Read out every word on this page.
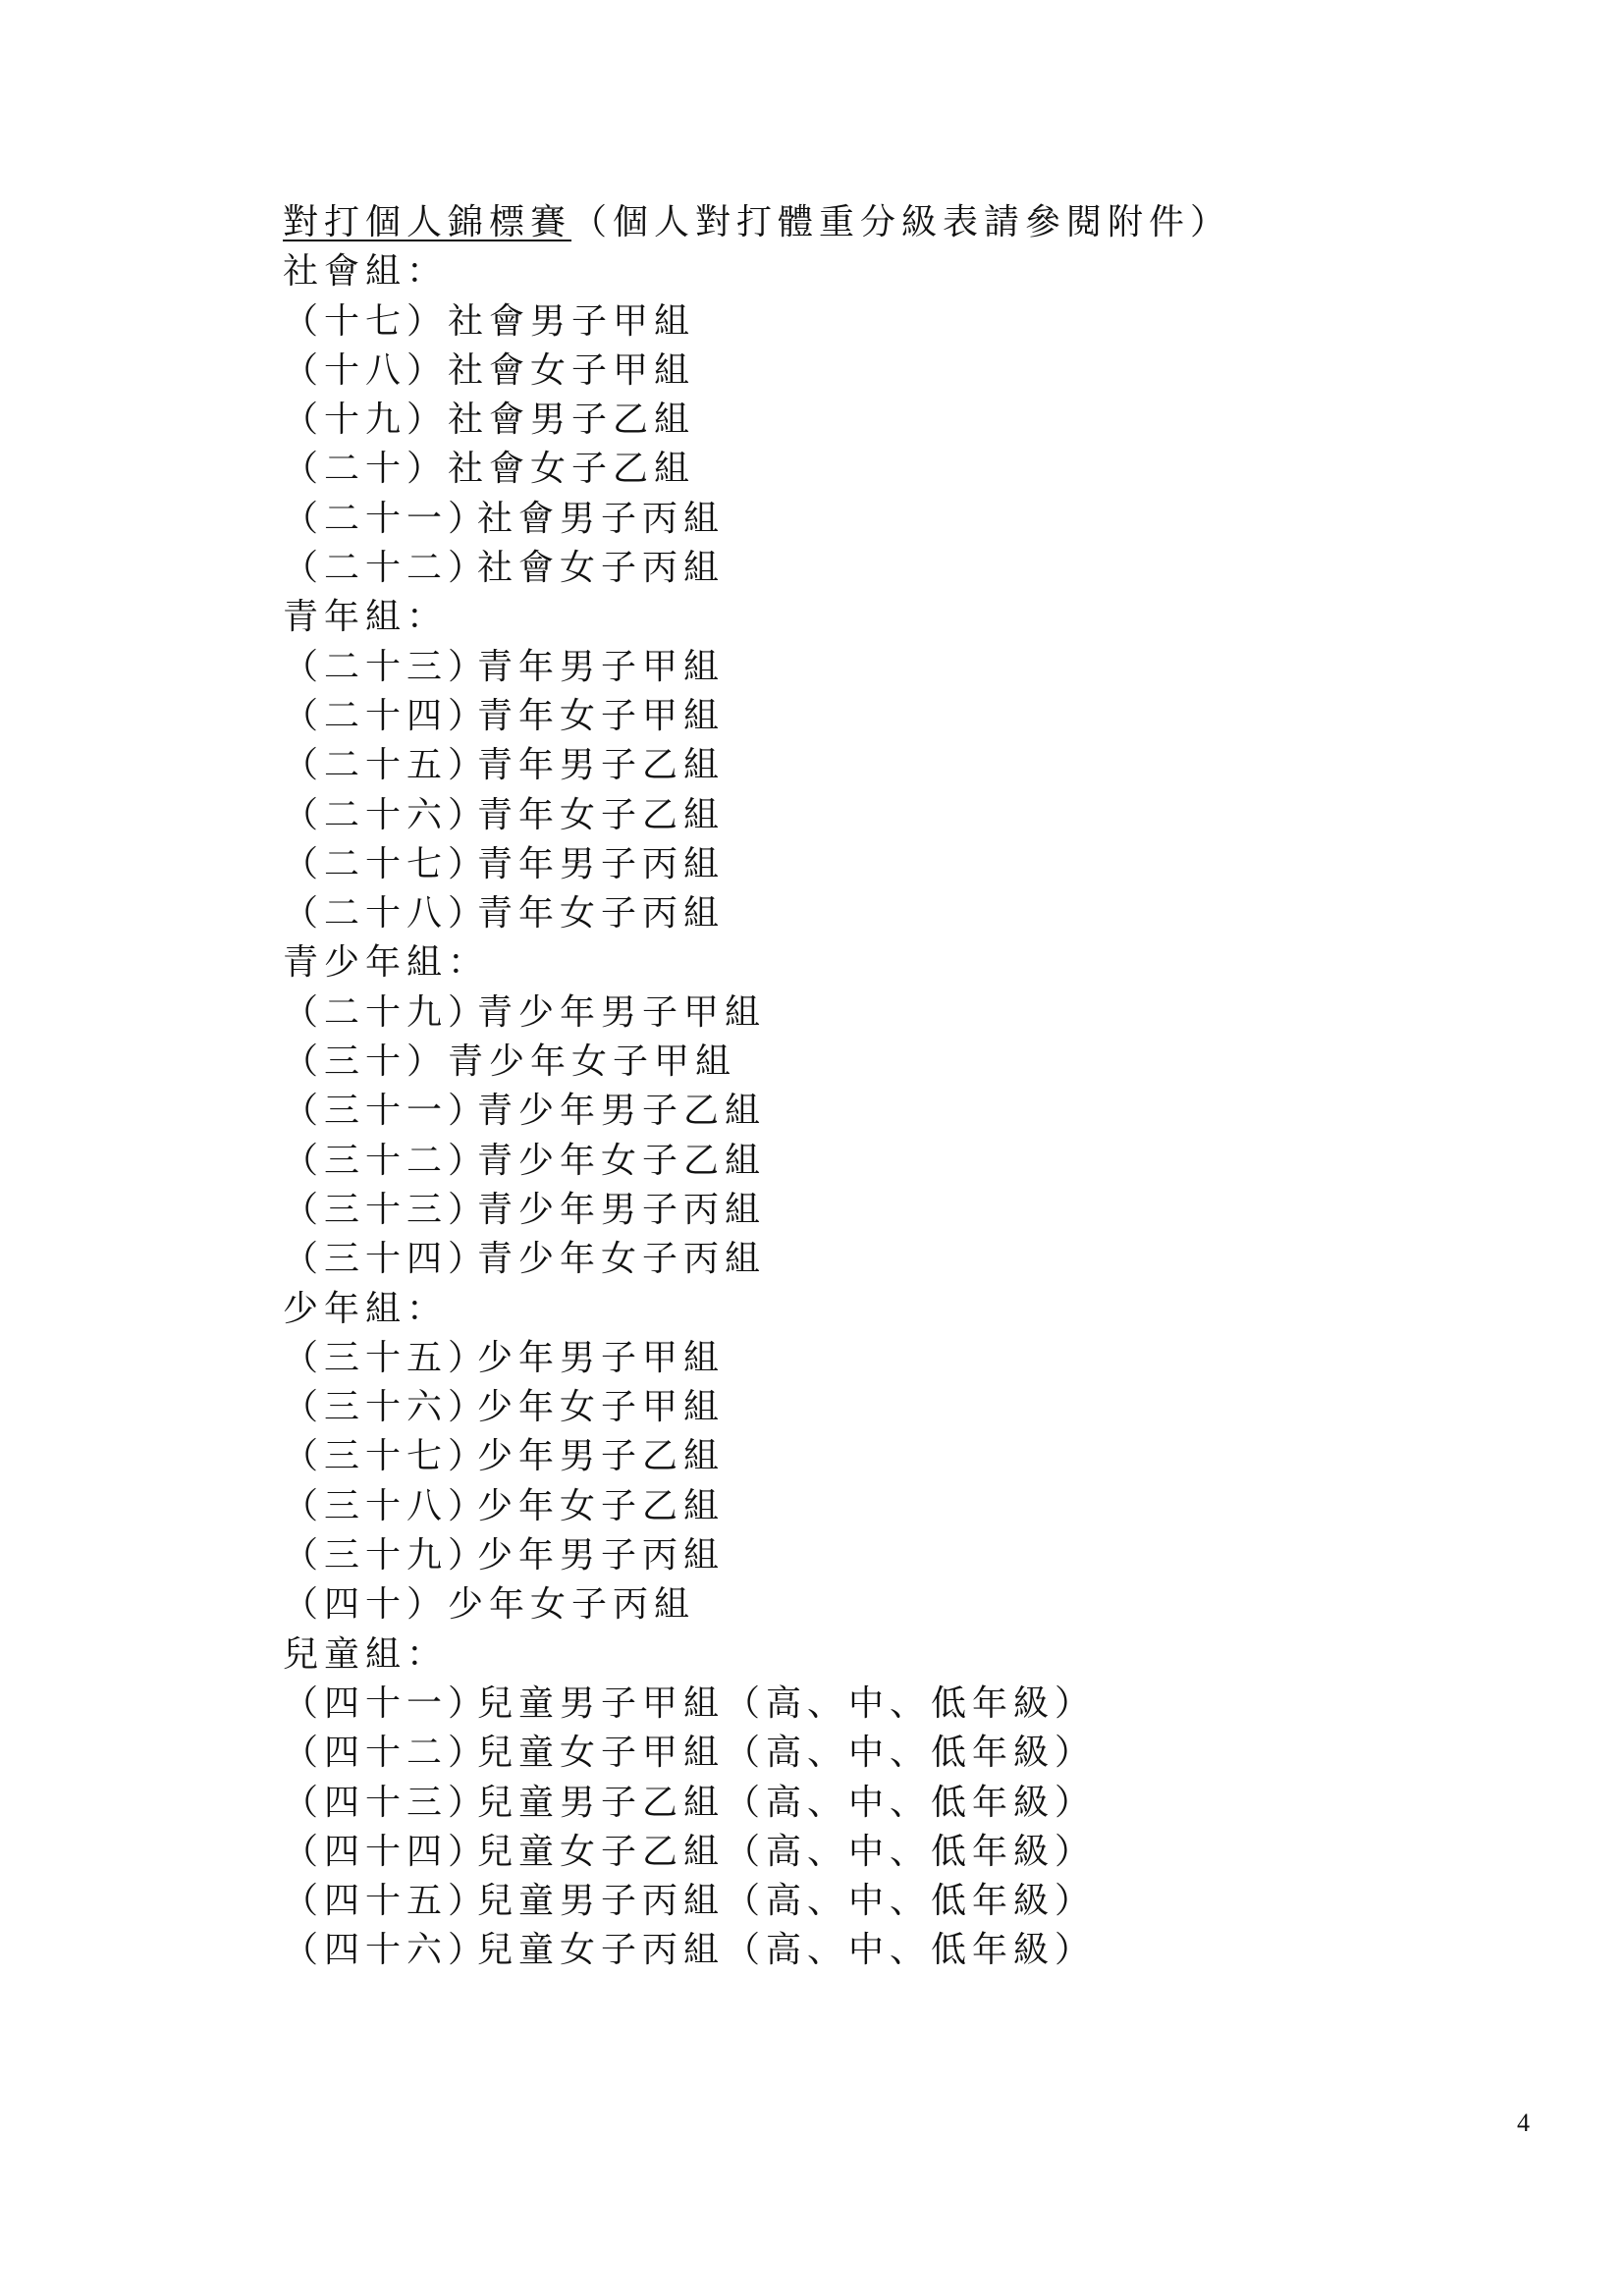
對打個人錦標賽（個人對打體重分級表請參閱附件）
社會組：
（十七）社會男子甲組
（十八）社會女子甲組
（十九）社會男子乙組
（二十）社會女子乙組
（二十一）社會男子丙組
（二十二）社會女子丙組
青年組：
（二十三）青年男子甲組
（二十四）青年女子甲組
（二十五）青年男子乙組
（二十六）青年女子乙組
（二十七）青年男子丙組
（二十八）青年女子丙組
青少年組：
（二十九）青少年男子甲組
（三十）青少年女子甲組
（三十一）青少年男子乙組
（三十二）青少年女子乙組
（三十三）青少年男子丙組
（三十四）青少年女子丙組
少年組：
（三十五）少年男子甲組
（三十六）少年女子甲組
（三十七）少年男子乙組
（三十八）少年女子乙組
（三十九）少年男子丙組
（四十）少年女子丙組
兒童組：
（四十一）兒童男子甲組（高、中、低年級）
（四十二）兒童女子甲組（高、中、低年級）
（四十三）兒童男子乙組（高、中、低年級）
（四十四）兒童女子乙組（高、中、低年級）
（四十五）兒童男子丙組（高、中、低年級）
（四十六）兒童女子丙組（高、中、低年級）
4
